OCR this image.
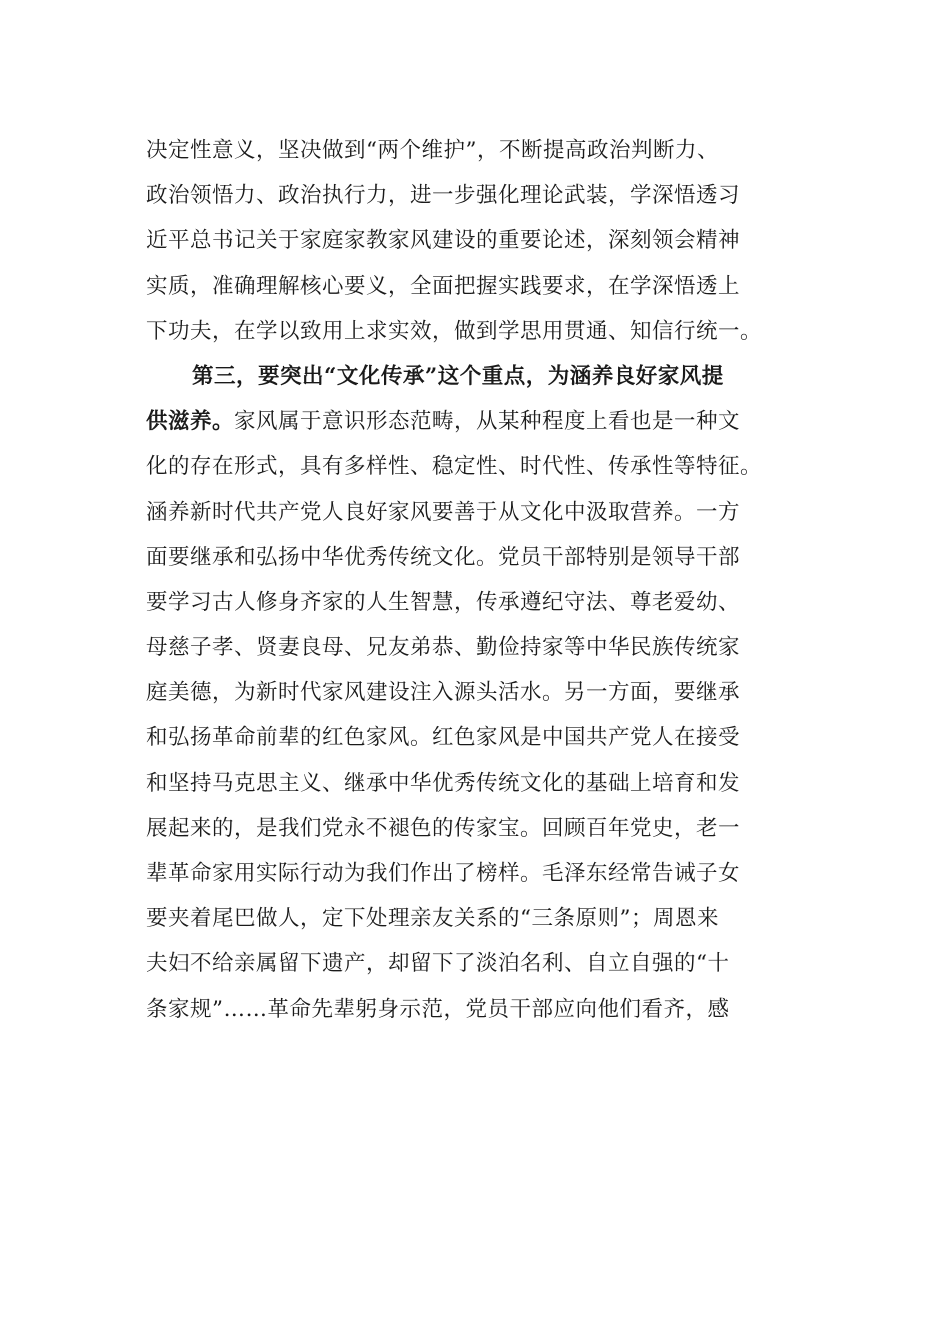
决定性意义，坚决做到“两个维护”，不断提高政治判断力、
政治领悟力、政治执行力，进一步强化理论武装，学深悟透习
近平总书记关于家庭家教家风建设的重要论述，深刻领会精神
实质，准确理解核心要义，全面把握实践要求，在学深悟透上
下功夫，在学以致用上求实效，做到学思用贯通、知信行统一。
第三，要突出“文化传承”这个重点，为涵养良好家风提
供滋养。家风属于意识形态范畴，从某种程度上看也是一种文
化的存在形式，具有多样性、稳定性、时代性、传承性等特征。
涵养新时代共产党人良好家风要善于从文化中汲取营养。一方
面要继承和弘扬中华优秀传统文化。党员干部特别是领导干部
要学习古人修身齐家的人生智慧，传承遵纪守法、尊老爱幼、
母慈子孝、贤妻良母、兄友弟恭、勤俭持家等中华民族传统家
庭美德，为新时代家风建设注入源头活水。另一方面，要继承
和弘扬革命前辈的红色家风。红色家风是中国共产党人在接受
和坚持马克思主义、继承中华优秀传统文化的基础上培育和发
展起来的，是我们党永不褪色的传家宝。回顾百年党史，老一
辈革命家用实际行动为我们作出了榜样。毛泽东经常告诫子女
要夹着尾巴做人，定下处理亲友关系的“三条原则”；周恩来
夫妇不给亲属留下遗产，却留下了淡泊名利、自立自强的“十
条家规”……革命先辈躬身示范，党员干部应向他们看齐，感
